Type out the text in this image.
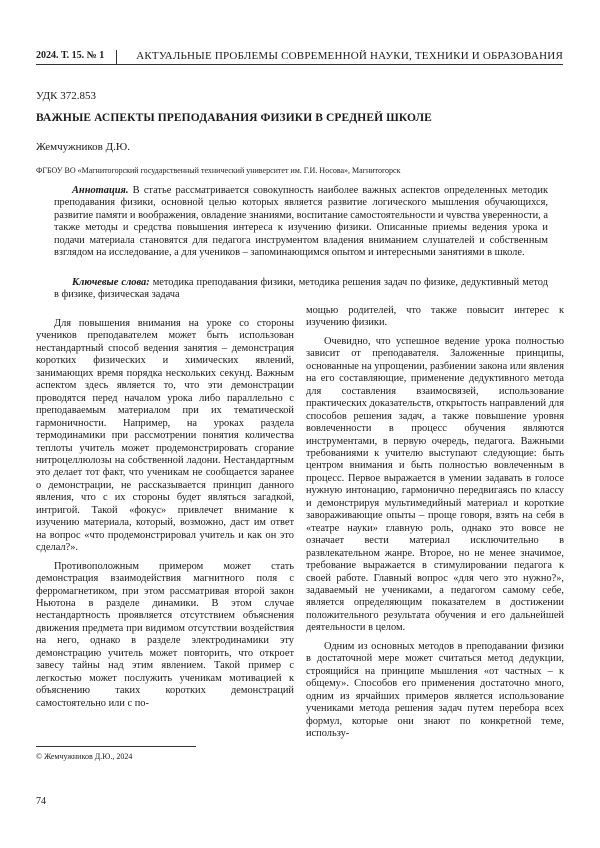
2024. Т. 15. № 1	АКТУАЛЬНЫЕ ПРОБЛЕМЫ СОВРЕМЕННОЙ НАУКИ, ТЕХНИКИ И ОБРАЗОВАНИЯ
УДК 372.853
ВАЖНЫЕ АСПЕКТЫ ПРЕПОДАВАНИЯ ФИЗИКИ В СРЕДНЕЙ ШКОЛЕ
Жемчужников Д.Ю.
ФГБОУ ВО «Магнитогорский государственный технический университет им. Г.И. Носова», Магнитогорск

Аннотация. В статье рассматривается совокупность наиболее важных аспектов определенных методик преподавания физики, основной целью которых является развитие логического мышления обучающихся, развитие памяти и воображения, овладение знаниями, воспитание самостоятельности и чувства уверенности, а также методы и средства повышения интереса к изучению физики. Описанные приемы ведения урока и подачи материала становятся для педагога инструментом владения вниманием слушателей и собственным взглядом на исследование, а для учеников – запоминающимся опытом и интересными занятиями в школе.

Ключевые слова: методика преподавания физики, методика решения задач по физике, дедуктивный метод в физике, физическая задача

Для повышения внимания на уроке со стороны учеников преподавателем может быть использован нестандартный способ ведения занятия – демонстрация коротких физических и химических явлений, занимающих время порядка нескольких секунд. Важным аспектом здесь является то, что эти демонстрации проводятся перед началом урока либо параллельно с преподаваемым материалом при их тематической гармоничности. Например, на уроках раздела термодинамики при рассмотрении понятия количества теплоты учитель может продемонстрировать сгорание нитроцеллюлозы на собственной ладони. Нестандартным это делает тот факт, что ученикам не сообщается заранее о демонстрации, не рассказывается принцип данного явления, что с их стороны будет являться загадкой, интригой. Такой «фокус» привлечет внимание к изучению материала, который, возможно, даст им ответ на вопрос «что продемонстрировал учитель и как он это сделал?».

Противоположным примером может стать демонстрация взаимодействия магнитного поля с ферромагнетиком, при этом рассматривая второй закон Ньютона в разделе динамики. В этом случае нестандартность проявляется отсутствием объяснения движения предмета при видимом отсутствии воздействия на него, однако в разделе электродинамики эту демонстрацию учитель может повторить, что откроет завесу тайны над этим явлением. Такой пример с легкостью может послужить ученикам мотивацией к объяснению таких коротких демонстраций самостоятельно или с по-

мощью родителей, что также повысит интерес к изучению физики.

Очевидно, что успешное ведение урока полностью зависит от преподавателя. Заложенные принципы, основанные на упрощении, разбиении закона или явления на его составляющие, применение дедуктивного метода для составления взаимосвязей, использование практических доказательств, открытость направлений для способов решения задач, а также повышение уровня вовлеченности в процесс обучения являются инструментами, в первую очередь, педагога. Важными требованиями к учителю выступают следующие: быть центром внимания и быть полностью вовлеченным в процесс. Первое выражается в умении задавать в голосе нужную интонацию, гармонично передвигаясь по классу и демонстрируя мультимедийный материал и короткие завораживающие опыты – проще говоря, взять на себя в «театре науки» главную роль, однако это вовсе не означает вести материал исключительно в развлекательном жанре. Второе, но не менее значимое, требование выражается в стимулировании педагога к своей работе. Главный вопрос «для чего это нужно?», задаваемый не учениками, а педагогом самому себе, является определяющим показателем в достижении положительного результата обучения и его дальнейшей деятельности в целом.

Одним из основных методов в преподавании физики в достаточной мере может считаться метод дедукции, строящийся на принципе мышления «от частных – к общему». Способов его применения достаточно много, одним из ярчайших примеров является использование учениками метода решения задач путем перебора всех формул, которые они знают по конкретной теме, использу-

© Жемчужников Д.Ю., 2024
74
